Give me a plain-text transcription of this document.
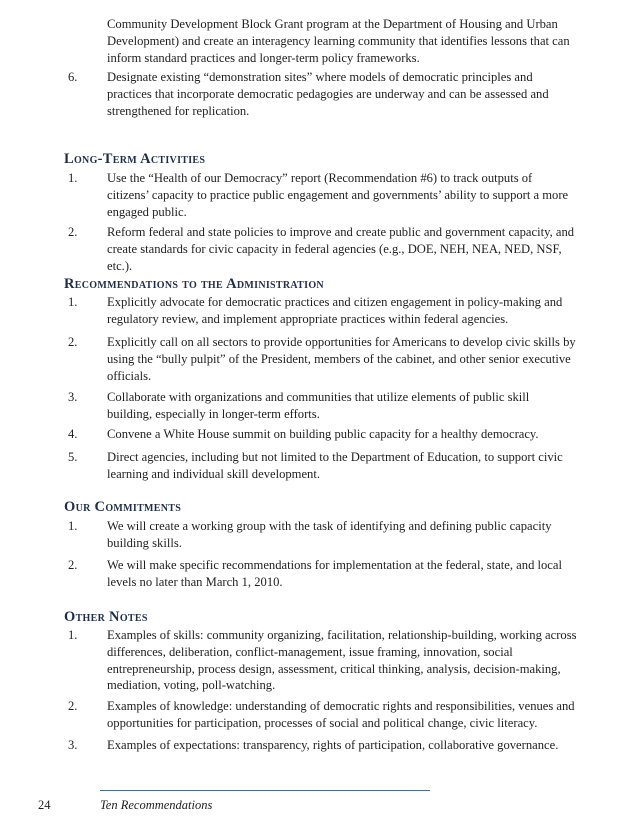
Community Development Block Grant program at the Department of Housing and Urban Development) and create an interagency learning community that identifies lessons that can inform standard practices and longer-term policy frameworks.
6.	Designate existing “demonstration sites” where models of democratic principles and practices that incorporate democratic pedagogies are underway and can be assessed and strengthened for replication.
Long-Term Activities
1.	Use the “Health of our Democracy” report (Recommendation #6) to track outputs of citizens’ capacity to practice public engagement and governments’ ability to support a more engaged public.
2.	Reform federal and state policies to improve and create public and government capacity, and create standards for civic capacity in federal agencies (e.g., DOE, NEH, NEA, NED, NSF, etc.).
Recommendations to the Administration
1.	Explicitly advocate for democratic practices and citizen engagement in policy-making and regulatory review, and implement appropriate practices within federal agencies.
2.	Explicitly call on all sectors to provide opportunities for Americans to develop civic skills by using the “bully pulpit” of the President, members of the cabinet, and other senior executive officials.
3.	Collaborate with organizations and communities that utilize elements of public skill building, especially in longer-term efforts.
4.	Convene a White House summit on building public capacity for a healthy democracy.
5.	Direct agencies, including but not limited to the Department of Education, to support civic learning and individual skill development.
Our Commitments
1.	We will create a working group with the task of identifying and defining public capacity building skills.
2.	We will make specific recommendations for implementation at the federal, state, and local levels no later than March 1, 2010.
Other Notes
1.	Examples of skills: community organizing, facilitation, relationship-building, working across differences, deliberation, conflict-management, issue framing, innovation, social entrepreneurship, process design, assessment, critical thinking, analysis, decision-making, mediation, voting, poll-watching.
2.	Examples of knowledge: understanding of democratic rights and responsibilities, venues and opportunities for participation, processes of social and political change, civic literacy.
3.	Examples of expectations: transparency, rights of participation, collaborative governance.
24	Ten Recommendations
